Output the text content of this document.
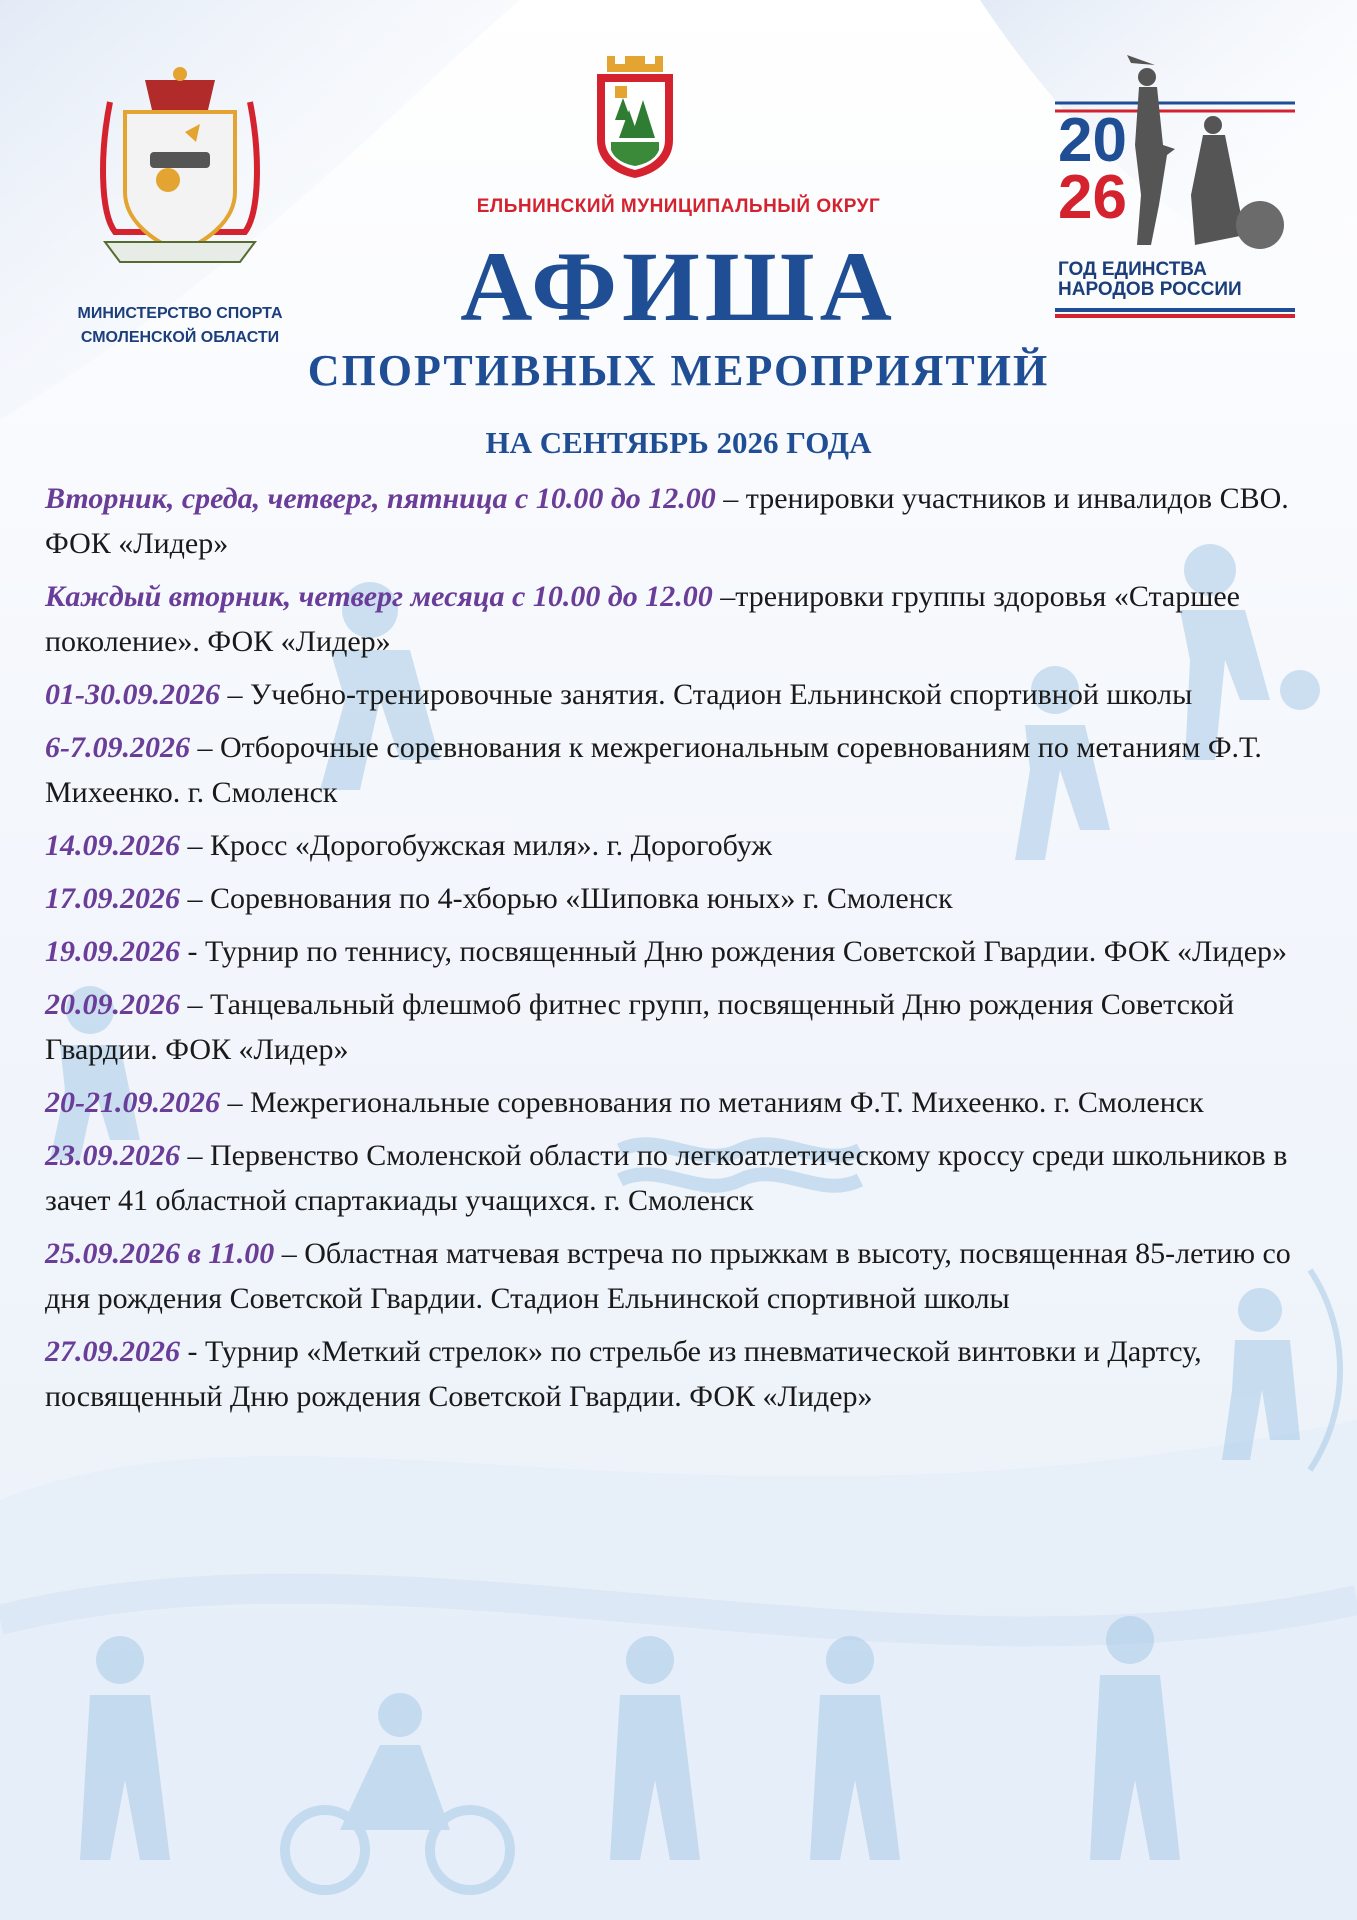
МИНИСТЕРСТВО СПОРТА
СМОЛЕНСКОЙ ОБЛАСТИ
ЕЛЬНИНСКИЙ МУНИЦИПАЛЬНЫЙ ОКРУГ
АФИША
СПОРТИВНЫХ МЕРОПРИЯТИЙ
НА СЕНТЯБРЬ 2026 ГОДА
20
26
ГОД ЕДИНСТВА
НАРОДОВ РОССИИ
Вторник, среда, четверг, пятница с 10.00 до 12.00 – тренировки участников и инвалидов СВО. ФОК «Лидер»
Каждый вторник, четверг месяца с 10.00 до 12.00 –тренировки группы здоровья «Старшее поколение». ФОК «Лидер»
01-30.09.2026 – Учебно-тренировочные занятия. Стадион Ельнинской спортивной школы
6-7.09.2026 – Отборочные соревнования к межрегиональным соревнованиям по метаниям Ф.Т. Михеенко. г. Смоленск
14.09.2026 – Кросс «Дорогобужская миля». г. Дорогобуж
17.09.2026 – Соревнования по 4-хборью «Шиповка юных» г. Смоленск
19.09.2026 - Турнир по теннису, посвященный Дню рождения Советской Гвардии. ФОК «Лидер»
20.09.2026 – Танцевальный флешмоб фитнес групп, посвященный Дню рождения Советской Гвардии. ФОК «Лидер»
20-21.09.2026 – Межрегиональные соревнования по метаниям Ф.Т. Михеенко. г. Смоленск
23.09.2026 – Первенство Смоленской области по легкоатлетическому кроссу среди школьников в зачет 41 областной спартакиады учащихся. г. Смоленск
25.09.2026 в 11.00 – Областная матчевая встреча по прыжкам в высоту, посвященная 85-летию со дня рождения Советской Гвардии. Стадион Ельнинской спортивной школы
27.09.2026 - Турнир «Меткий стрелок» по стрельбе из пневматической винтовки и Дартсу, посвященный Дню рождения Советской Гвардии. ФОК «Лидер»
